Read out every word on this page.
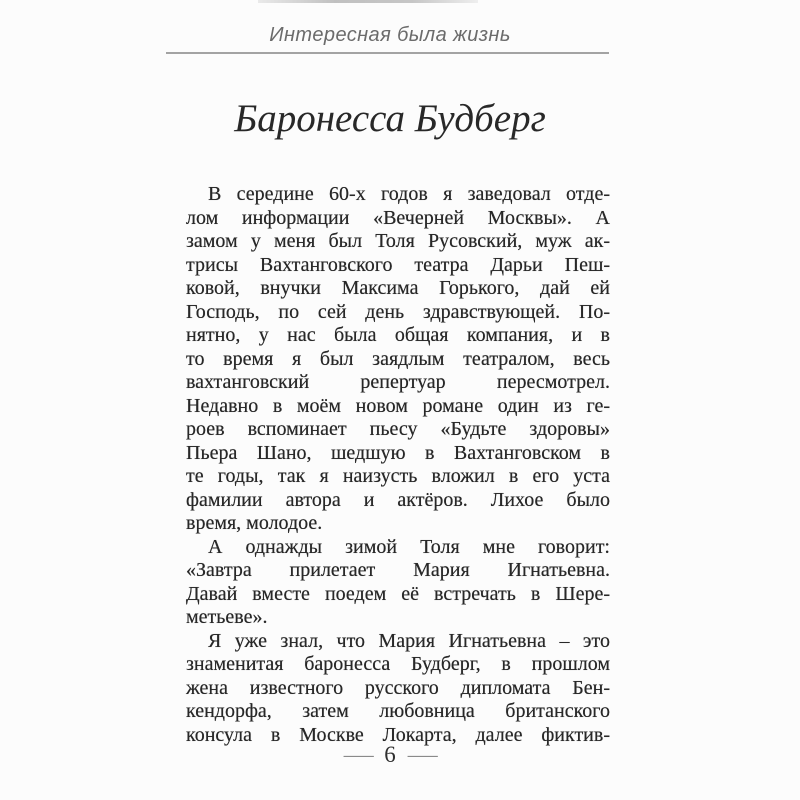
Интересная была жизнь
Баронесса Будберг
В середине 60-х годов я заведовал отде-
лом информации «Вечерней Москвы». А
замом у меня был Толя Русовский, муж ак-
трисы Вахтанговского театра Дарьи Пеш-
ковой, внучки Максима Горького, дай ей
Господь, по сей день здравствующей. По-
нятно, у нас была общая компания, и в
то время я был заядлым театралом, весь
вахтанговский репертуар пересмотрел.
Недавно в моём новом романе один из ге-
роев вспоминает пьесу «Будьте здоровы»
Пьера Шано, шедшую в Вахтанговском в
те годы, так я наизусть вложил в его уста
фамилии автора и актёров. Лихое было
время, молодое.
А однажды зимой Толя мне говорит:
«Завтра прилетает Мария Игнатьевна.
Давай вместе поедем её встречать в Шере-
метьеве».
Я уже знал, что Мария Игнатьевна – это
знаменитая баронесса Будберг, в прошлом
жена известного русского дипломата Бен-
кендорфа, затем любовница британского
консула в Москве Локарта, далее фиктив-
— 6 —
